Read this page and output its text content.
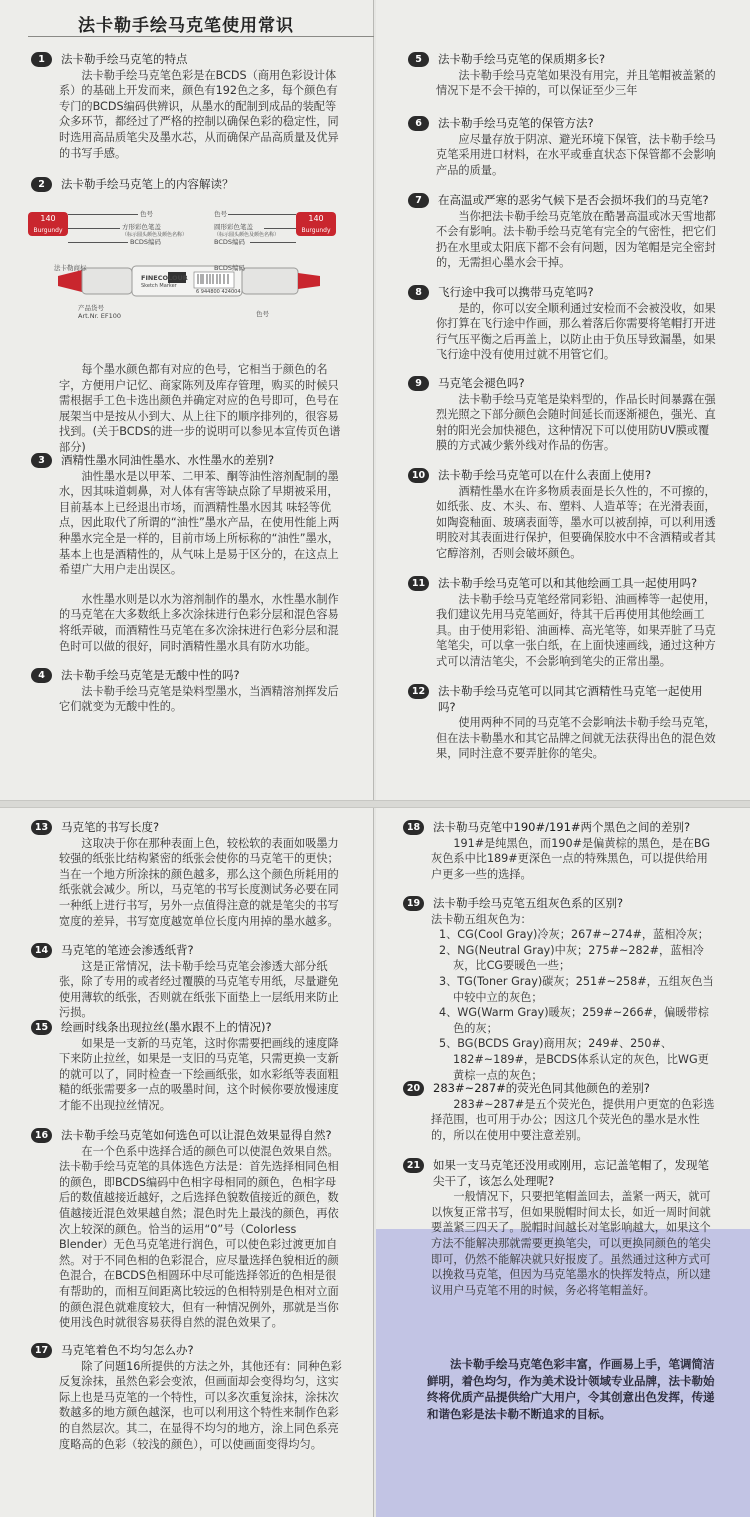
法卡勒手绘马克笔使用常识
140
Burgundy
色号
方形彩色笔盖
（标示圆头颜色及颜色名称）
BCDS编码
140
Burgundy
色号
圆形彩色笔盖
（标示圆头颜色及颜色名称）
BCDS编码
FINECOLOUR
Sketch Marker
6 944800 424004
法卡勒商标	BCDS编码
产品货号
Art.Nr. EF100	色号
1	法卡勒手绘马克笔的特点

法卡勒手绘马克笔色彩是在BCDS（商用色彩设计体系）的基础上开发而来，颜色有192色之多，每个颜色有专门的BCDS编码供辨识，从墨水的配制到成品的装配等众多环节，都经过了严格的控制以确保色彩的稳定性，同时选用高品质笔尖及墨水芯，从而确保产品高质量及优异的书写手感。

2	法卡勒手绘马克笔上的内容解读？

每个墨水颜色都有对应的色号，它相当于颜色的名字，方便用户记忆、商家陈列及库存管理，购买的时候只需根据手工色卡选出颜色并确定对应的色号即可，色号在展架当中是按从小到大、从上往下的顺序排列的，很容易找到。(关于BCDS的进一步的说明可以参见本宣传页色谱部分)

3	酒精性墨水同油性墨水、水性墨水的差别?

油性墨水是以甲苯、二甲苯、酮等油性溶剂配制的墨水，因其味道刺鼻，对人体有害等缺点除了早期被采用，目前基本上已经退出市场，而酒精性墨水因其 味轻等优点，因此取代了所谓的“油性”墨水产品，在使用性能上两种墨水完全是一样的，目前市场上所标称的“油性”墨水，基本上也是酒精性的，从气味上是易于区分的，在这点上希望广大用户走出误区。

水性墨水则是以水为溶剂制作的墨水，水性墨水制作的马克笔在大多数纸上多次涂抹进行色彩分层和混色容易将纸弄破，而酒精性马克笔在多次涂抹进行色彩分层和混色时可以做的很好，同时酒精性墨水具有防水功能。

4	法卡勒手绘马克笔是无酸中性的吗?

法卡勒手绘马克笔是染料型墨水，当酒精溶剂挥发后它们就变为无酸中性的。

5	法卡勒手绘马克笔的保质期多长?

法卡勒手绘马克笔如果没有用完，并且笔帽被盖紧的情况下是不会干掉的，可以保证至少三年

6	法卡勒手绘马克笔的保管方法?

应尽量存放于阴凉、避光环境下保管，法卡勒手绘马克笔采用进口材料，在水平或垂直状态下保管都不会影响产品的质量。

7	在高温或严寒的恶劣气候下是否会损坏我们的马克笔?

当你把法卡勒手绘马克笔放在酷暑高温或冰天雪地都不会有影响。法卡勒手绘马克笔有完全的气密性，把它们扔在水里或太阳底下都不会有问题，因为笔帽是完全密封的，无需担心墨水会干掉。

8	飞行途中我可以携带马克笔吗?

是的，你可以安全顺利通过安检而不会被没收，如果你打算在飞行途中作画，那么着落后你需要将笔帽打开进行气压平衡之后再盖上，以防止由于负压导致漏墨，如果飞行途中没有使用过就不用管它们。

9	马克笔会褪色吗?

法卡勒手绘马克笔是染料型的，作品长时间暴露在强烈光照之下部分颜色会随时间延长而逐渐褪色，强光、直射的阳光会加快褪色，这种情况下可以使用防UV膜或覆膜的方式减少紫外线对作品的伤害。

10	法卡勒手绘马克笔可以在什么表面上使用?

酒精性墨水在许多物质表面是长久性的，不可擦的，如纸张、皮、木头、布、塑料、人造革等；在光滑表面，如陶瓷釉面、玻璃表面等，墨水可以被刮掉，可以利用透明胶对其表面进行保护，但要确保胶水中不含酒精或者其它醇溶剂，否则会破坏颜色。

11	法卡勒手绘马克笔可以和其他绘画工具一起使用吗?

法卡勒手绘马克笔经常同彩铅、油画棒等一起使用，我们建议先用马克笔画好，待其干后再使用其他绘画工具。由于使用彩铅、油画棒、高光笔等，如果弄脏了马克笔笔尖，可以拿一张白纸，在上面快速画线，通过这种方式可以清洁笔尖，不会影响到笔尖的正常出墨。

12	法卡勒手绘马克笔可以同其它酒精性马克笔一起使用吗?

使用两种不同的马克笔不会影响法卡勒手绘马克笔，但在法卡勒墨水和其它品牌之间就无法获得出色的混色效果，同时注意不要弄脏你的笔尖。

13	马克笔的书写长度?

这取决于你在那种表面上色，较松软的表面如吸墨力较强的纸张比结构紧密的纸张会使你的马克笔干的更快；当在一个地方所涂抹的颜色越多，那么这个颜色所耗用的纸张就会减少。所以，马克笔的书写长度测试务必要在同一种纸上进行书写，另外一点值得注意的就是笔尖的书写宽度的差异，书写宽度越宽单位长度内用掉的墨水越多。

14	马克笔的笔迹会渗透纸背?

这是正常情况，法卡勒手绘马克笔会渗透大部分纸张，除了专用的或者经过覆膜的马克笔专用纸，尽量避免使用薄软的纸张，否则就在纸张下面垫上一层纸用来防止污损。

15	绘画时线条出现拉丝(墨水跟不上的情况)?

如果是一支新的马克笔，这时你需要把画线的速度降下来防止拉丝，如果是一支旧的马克笔，只需更换一支新的就可以了，同时检查一下绘画纸张，如水彩纸等表面粗糙的纸张需要多一点的吸墨时间，这个时候你要放慢速度才能不出现拉丝情况。

16	法卡勒手绘马克笔如何选色可以让混色效果显得自然?

在一个色系中选择合适的颜色可以使混色效果自然。法卡勒手绘马克笔的具体选色方法是：首先选择相同色相的颜色，即BCDS编码中色相字母相同的颜色，色相字母后的数值越接近越好，之后选择色貌数值接近的颜色，数值越接近混色效果越自然；混色时先上最浅的颜色，再依次上较深的颜色。恰当的运用“0”号（Colorless Blender）无色马克笔进行润色，可以使色彩过渡更加自然。对于不同色相的色彩混合，应尽量选择色貌相近的颜色混合，在BCDS色相圆环中尽可能选择邻近的色相是很有帮助的，而相互间距离比较远的色相特别是色相对立面的颜色混色就难度较大，但有一种情况例外，那就是当你使用浅色时就很容易获得自然的混色效果了。

17	马克笔着色不均匀怎么办?

除了问题16所提供的方法之外，其他还有：同种色彩反复涂抹，虽然色彩会变浓，但画面却会变得均匀，这实际上也是马克笔的一个特性，可以多次重复涂抹，涂抹次数越多的地方颜色越深，也可以利用这个特性来制作色彩的自然层次。其二，在显得不均匀的地方，涂上同色系亮度略高的色彩（较浅的颜色），可以使画面变得均匀。

18	法卡勒马克笔中190#/191#两个黑色之间的差别?

191#是纯黑色，而190#是偏黄棕的黑色，是在BG灰色系中比189#更深色一点的特殊黑色，可以提供给用户更多一些的选择。

19	法卡勒手绘马克笔五组灰色系的区别?

法卡勒五组灰色为：

1、CG(Cool Gray)冷灰；267#~274#，蓝相冷灰；
2、NG(Neutral Gray)中灰；275#~282#，蓝相冷灰，比CG要暖色一些；
3、TG(Toner Gray)碳灰；251#~258#，五组灰色当中较中立的灰色；
4、WG(Warm Gray)暖灰；259#~266#，偏暖带棕色的灰；
5、BG(BCDS Gray)商用灰；249#、250#、182#~189#，是BCDS体系认定的灰色，比WG更黄棕一点的灰色；
20	283#~287#的荧光色同其他颜色的差别?

283#~287#是五个荧光色，提供用户更宽的色彩选择范围，也可用于办公；因这几个荧光色的墨水是水性的，所以在使用中要注意差别。

21	如果一支马克笔还没用或刚用，忘记盖笔帽了，发现笔尖干了，该怎么处理呢?

一般情况下，只要把笔帽盖回去，盖紧一两天，就可以恢复正常书写，但如果脱帽时间太长，如近一周时间就要盖紧三四天了。脱帽时间越长对笔影响越大，如果这个方法不能解决那就需要更换笔尖，可以更换同颜色的笔尖即可，仍然不能解决就只好报废了。虽然通过这种方式可以挽救马克笔，但因为马克笔墨水的快挥发特点，所以建议用户马克笔不用的时候，务必将笔帽盖好。

法卡勒手绘马克笔色彩丰富，作画易上手，笔调简洁鲜明，着色均匀，作为美术设计领域专业品牌，法卡勒始终将优质产品提供给广大用户，令其创意出色发挥，传递和谐色彩是法卡勒不断追求的目标。
